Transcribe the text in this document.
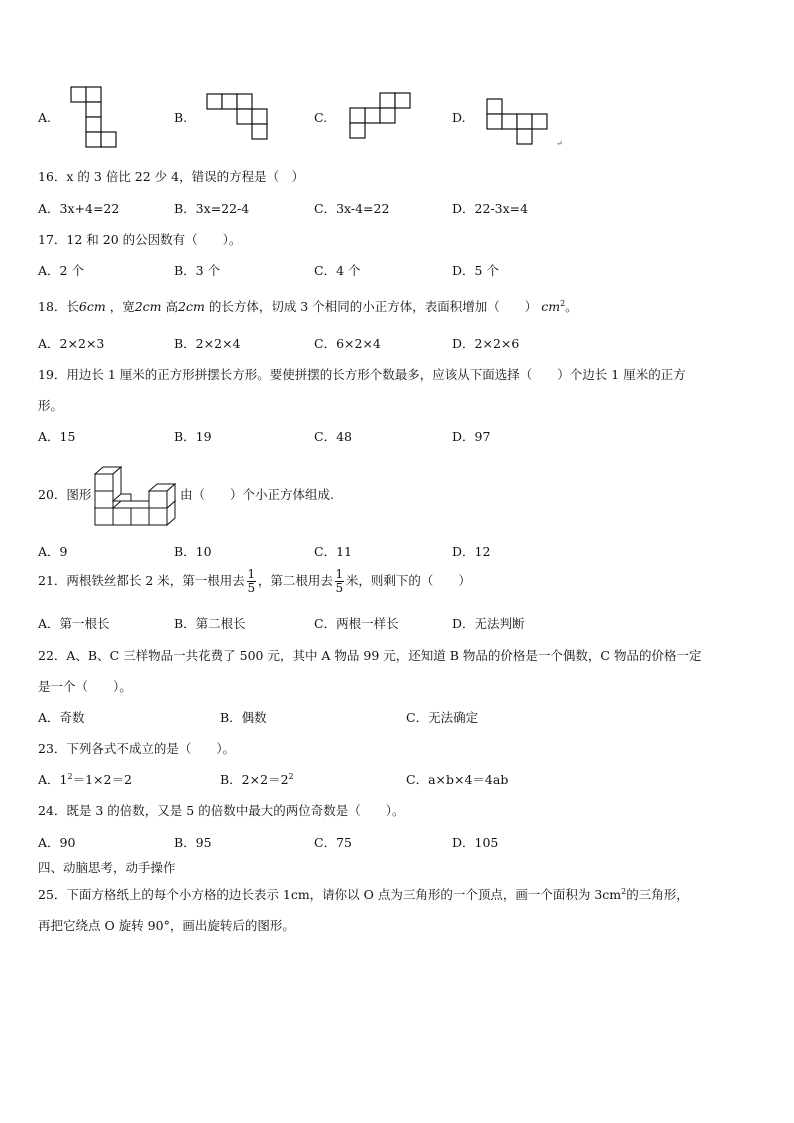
A.	B.	C.	D.
↵
16．x 的 3 倍比 22 少 4，错误的方程是（　）
A．3x+4=22	B．3x=22-4	C．3x-4=22	D．22-3x=4
17．12 和 20 的公因数有（　　）。
A．2 个	B．3 个	C．4 个	D．5 个
18．长6cm ，宽2cm 高2cm 的长方体，切成 3 个相同的小正方体，表面积增加（　　） $cm^2$。
A．2×2×3	B．2×2×4	C．6×2×4	D．2×2×6
19．用边长 1 厘米的正方形拼摆长方形。要使拼摆的长方形个数最多，应该从下面选择（　　）个边长 1 厘米的正方
形。
A．15	B．19	C．48	D．97
20．图形	由（　　）个小正方体组成.
A．9	B．10	C．11	D．12
21．两根铁丝都长 2 米，第一根用去 $\frac{1}{5}$ ，第二根用去 $\frac{1}{5}$ 米，则剩下的（　　）
A．第一根长	B．第二根长	C．两根一样长	D．无法判断
22．A、B、C 三样物品一共花费了 500 元，其中 A 物品 99 元，还知道 B 物品的价格是一个偶数，C 物品的价格一定
是一个（　　）。
A．奇数	B．偶数	C．无法确定
23．下列各式不成立的是（　　）。
A．$1^2=1\times 2=2$	B．$2\times 2=2^2$	C．a×b×4＝4ab
24．既是 3 的倍数，又是 5 的倍数中最大的两位奇数是（　　）。
A．90	B．95	C．75	D．105
四、动脑思考，动手操作
25．下面方格纸上的每个小方格的边长表示 1cm，请你以 O 点为三角形的一个顶点，画一个面积为 $3cm^2$的三角形，
再把它绕点 O 旋转 90°，画出旋转后的图形。
